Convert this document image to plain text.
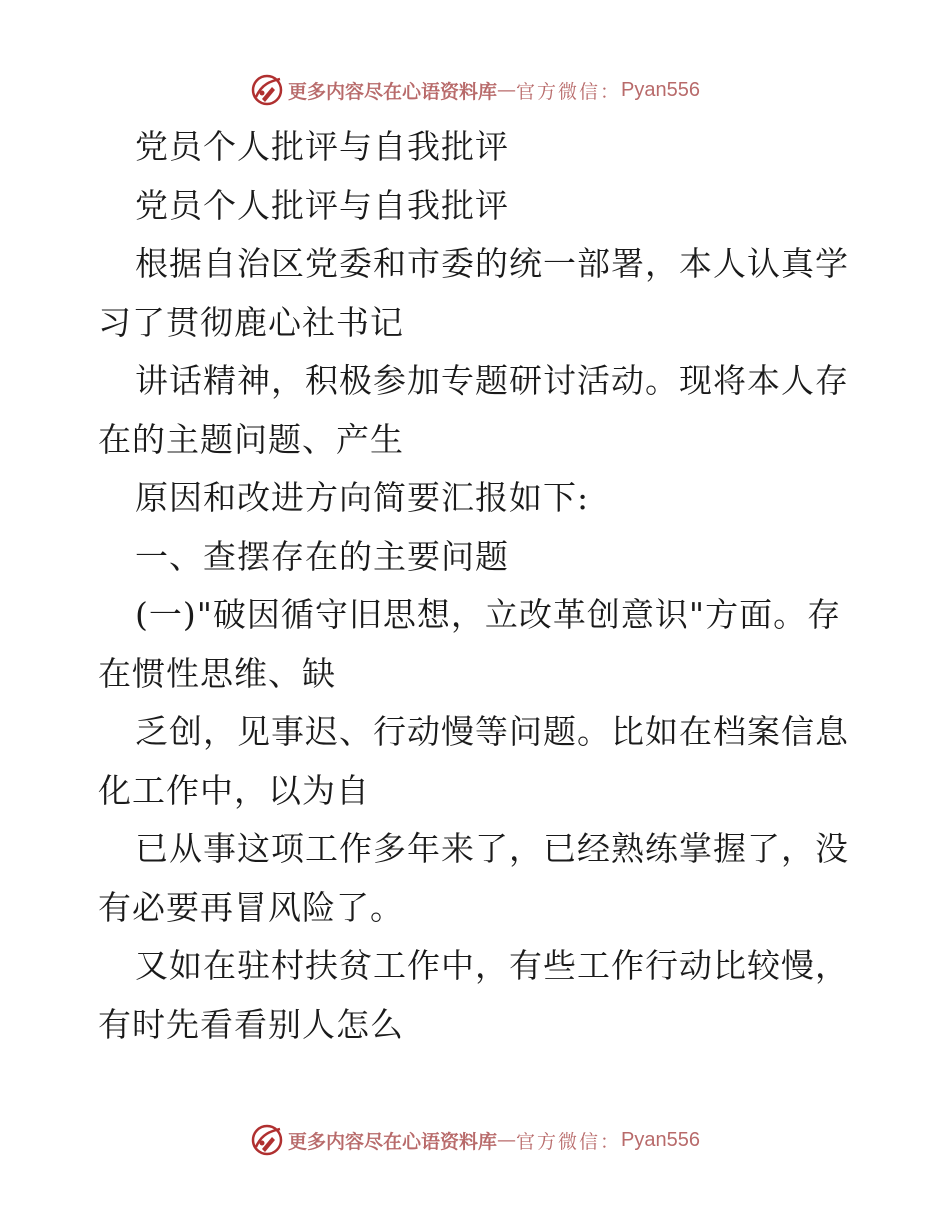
更多内容尽在心语资料库 — 官方微信： Pyan556
党员个人批评与自我批评
党员个人批评与自我批评
根据自治区党委和市委的统一部署，本人认真学
习了贯彻鹿心社书记
讲话精神，积极参加专题研讨活动。现将本人存
在的主题问题、产生
原因和改进方向简要汇报如下:
一、查摆存在的主要问题
(一)"破因循守旧思想，立改革创意识"方面。存
在惯性思维、缺
乏创，见事迟、行动慢等问题。比如在档案信息
化工作中，以为自
已从事这项工作多年来了，已经熟练掌握了，没
有必要再冒风险了。
又如在驻村扶贫工作中，有些工作行动比较慢，
有时先看看别人怎么
更多内容尽在心语资料库 — 官方微信： Pyan556
